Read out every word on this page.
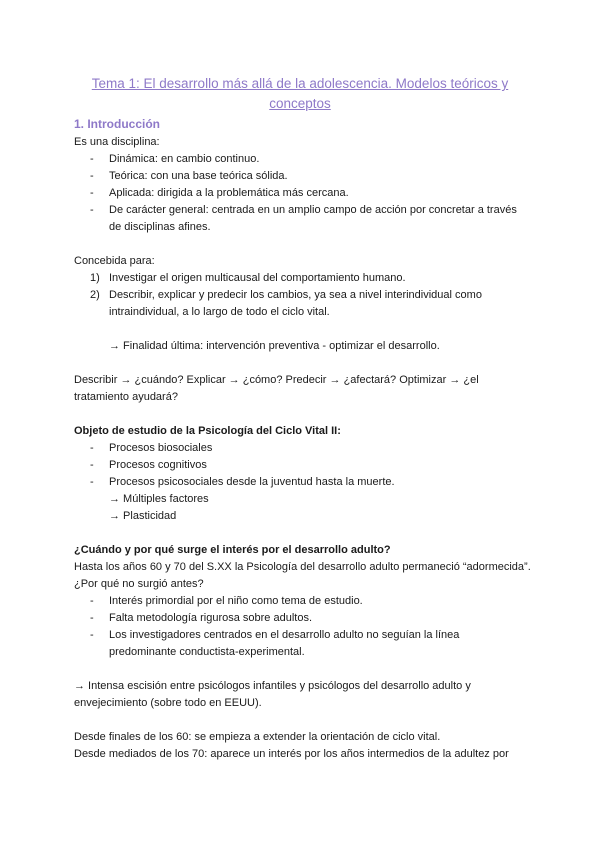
Tema 1: El desarrollo más allá de la adolescencia. Modelos teóricos y
conceptos
1. Introducción
Es una disciplina:
-	Dinámica: en cambio continuo.
-	Teórica: con una base teórica sólida.
-	Aplicada: dirigida a la problemática más cercana.
-	De carácter general: centrada en un amplio campo de acción por concretar a través
de disciplinas afines.
Concebida para:
1) Investigar el origen multicausal del comportamiento humano.
2) Describir, explicar y predecir los cambios, ya sea a nivel interindividual como
intraindividual, a lo largo de todo el ciclo vital.
→ Finalidad última: intervención preventiva - optimizar el desarrollo.
Describir → ¿cuándo? Explicar → ¿cómo? Predecir → ¿afectará? Optimizar → ¿el
tratamiento ayudará?
Objeto de estudio de la Psicología del Ciclo Vital II:
-	Procesos biosociales
-	Procesos cognitivos
-	Procesos psicosociales desde la juventud hasta la muerte.
→ Múltiples factores
→ Plasticidad
¿Cuándo y por qué surge el interés por el desarrollo adulto?
Hasta los años 60 y 70 del S.XX la Psicología del desarrollo adulto permaneció “adormecida”.
¿Por qué no surgió antes?
-	Interés primordial por el niño como tema de estudio.
-	Falta metodología rigurosa sobre adultos.
-	Los investigadores centrados en el desarrollo adulto no seguían la línea
predominante conductista-experimental.
→ Intensa escisión entre psicólogos infantiles y psicólogos del desarrollo adulto y
envejecimiento (sobre todo en EEUU).
Desde finales de los 60: se empieza a extender la orientación de ciclo vital.
Desde mediados de los 70: aparece un interés por los años intermedios de la adultez por
